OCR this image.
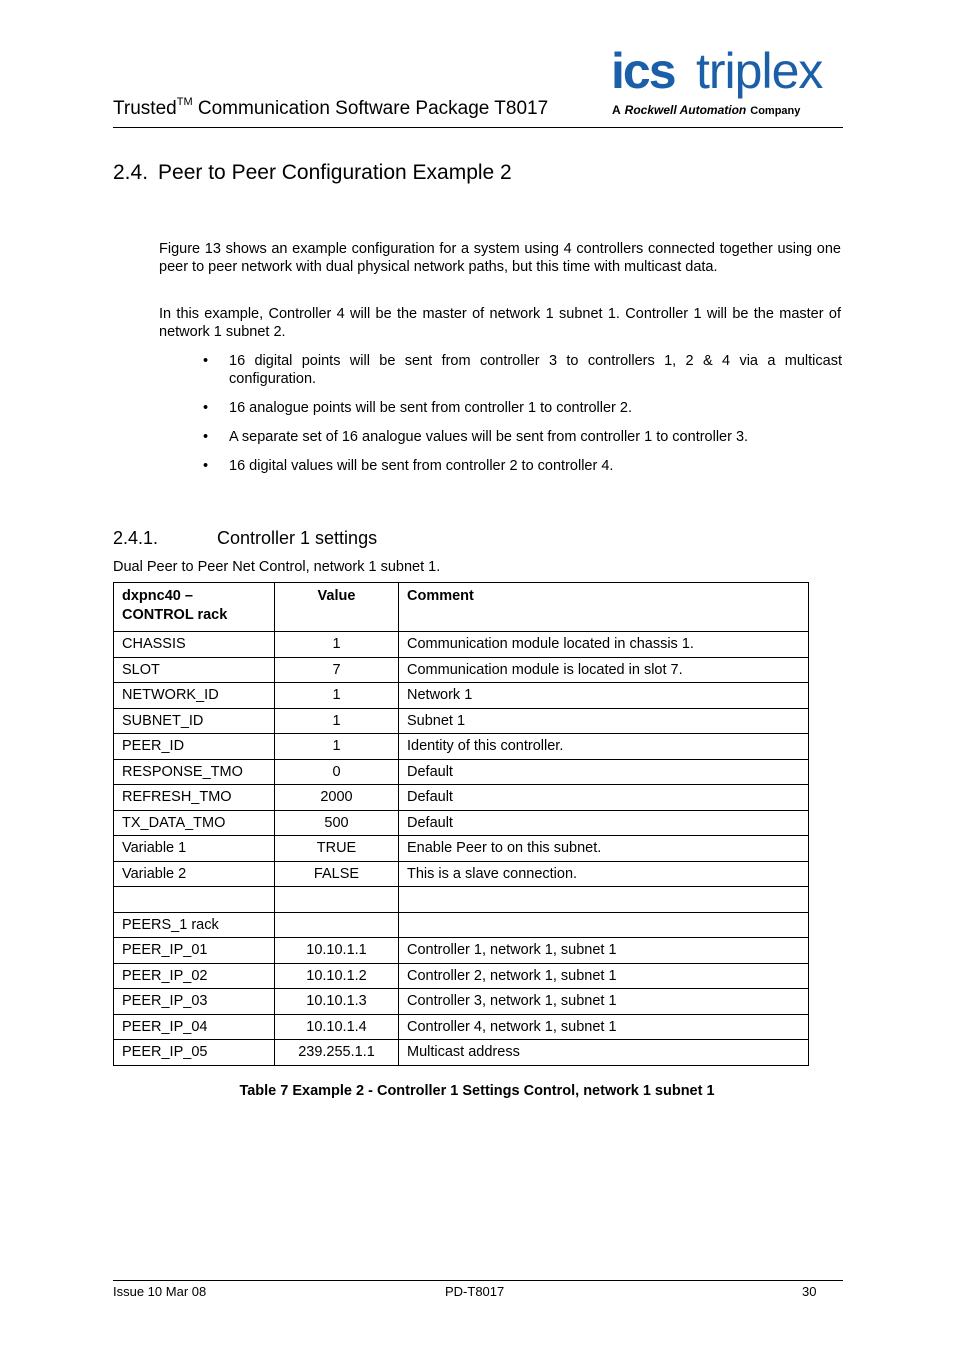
Trusted™ Communication Software Package T8017
ics triplex
A Rockwell Automation Company
2.4. Peer to Peer Configuration Example 2
Figure 13 shows an example configuration for a system using 4 controllers connected together using one peer to peer network with dual physical network paths, but this time with multicast data.
In this example, Controller 4 will be the master of network 1 subnet 1. Controller 1 will be the master of network 1 subnet 2.
• 16 digital points will be sent from controller 3 to controllers 1, 2 & 4 via a multicast configuration.
• 16 analogue points will be sent from controller 1 to controller 2.
• A separate set of 16 analogue values will be sent from controller 1 to controller 3.
• 16 digital values will be sent from controller 2 to controller 4.
2.4.1.	Controller 1 settings
Dual Peer to Peer Net Control, network 1 subnet 1.
dxpnc40 –
CONTROL rack	Value	Comment
CHASSIS	1	Communication module located in chassis 1.
SLOT	7	Communication module is located in slot 7.
NETWORK_ID	1	Network 1
SUBNET_ID	1	Subnet 1
PEER_ID	1	Identity of this controller.
RESPONSE_TMO	0	Default
REFRESH_TMO	2000	Default
TX_DATA_TMO	500	Default
Variable 1	TRUE	Enable Peer to on this subnet.
Variable 2	FALSE	This is a slave connection.

PEERS_1 rack		
PEER_IP_01	10.10.1.1	Controller 1, network 1, subnet 1
PEER_IP_02	10.10.1.2	Controller 2, network 1, subnet 1
PEER_IP_03	10.10.1.3	Controller 3, network 1, subnet 1
PEER_IP_04	10.10.1.4	Controller 4, network 1, subnet 1
PEER_IP_05	239.255.1.1	Multicast address
Table 7 Example 2 - Controller 1 Settings Control, network 1 subnet 1
Issue 10 Mar 08	PD-T8017	30
